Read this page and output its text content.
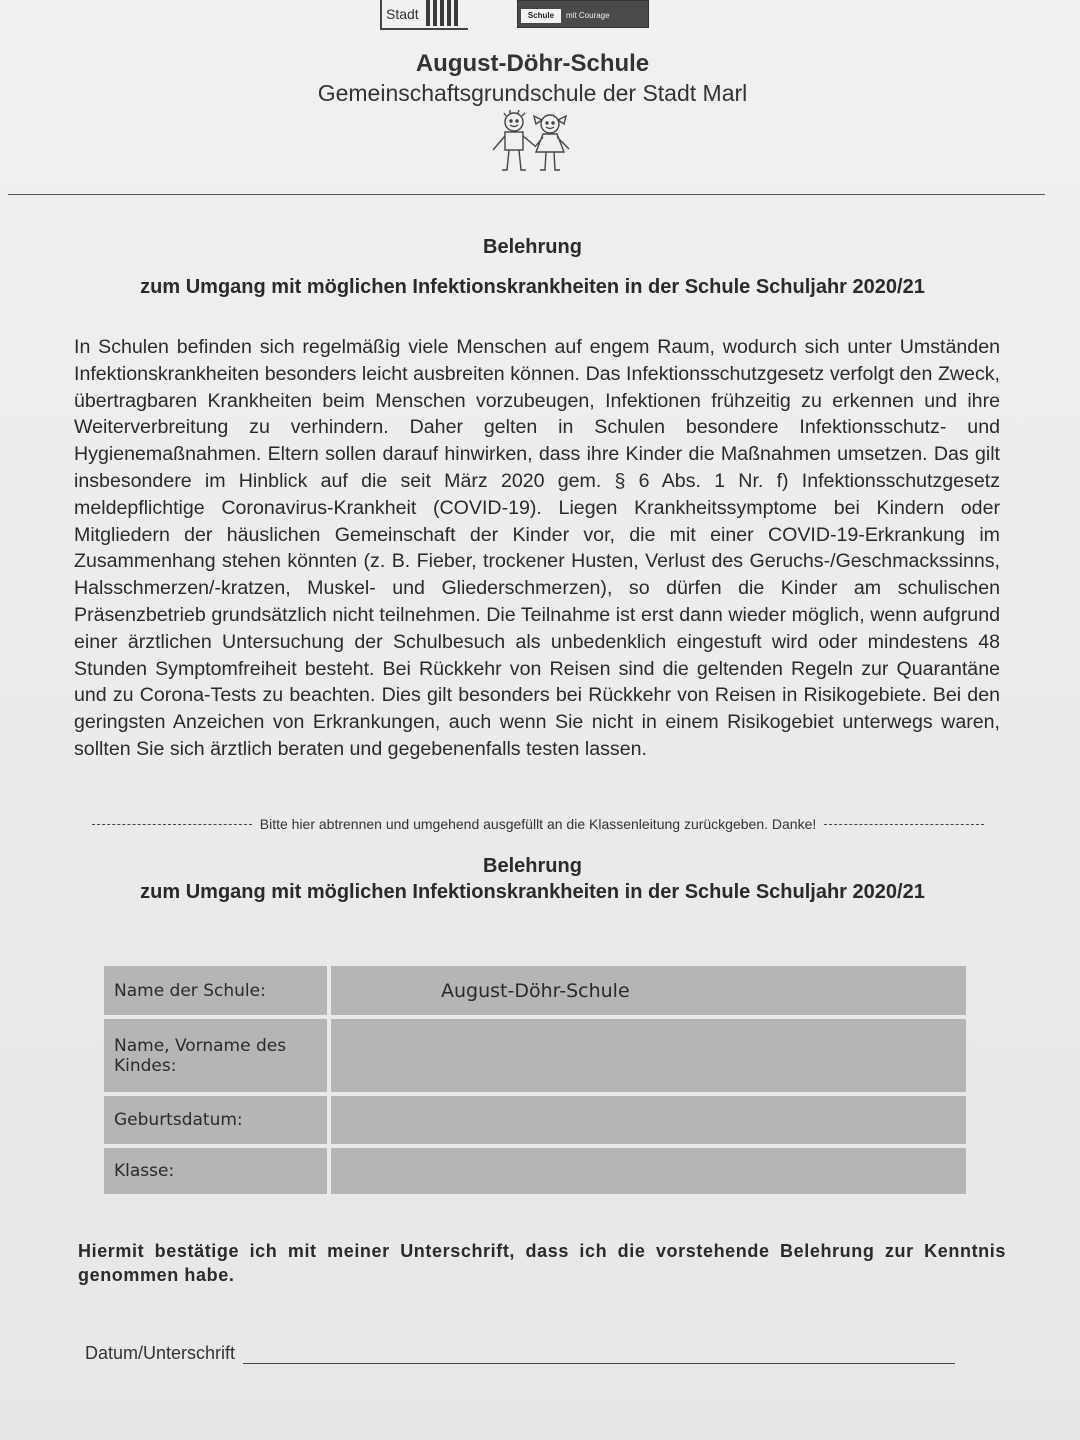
Stadt	Schule	mit Courage
August-Döhr-Schule
Gemeinschaftsgrundschule der Stadt Marl
Belehrung
zum Umgang mit möglichen Infektionskrankheiten in der Schule Schuljahr 2020/21
In Schulen befinden sich regelmäßig viele Menschen auf engem Raum, wodurch sich unter Umständen Infektionskrankheiten besonders leicht ausbreiten können. Das Infektionsschutzgesetz verfolgt den Zweck, übertragbaren Krankheiten beim Menschen vorzubeugen, Infektionen frühzeitig zu erkennen und ihre Weiterverbreitung zu verhindern. Daher gelten in Schulen besondere Infektionsschutz- und Hygienemaßnahmen. Eltern sollen darauf hinwirken, dass ihre Kinder die Maßnahmen umsetzen. Das gilt insbesondere im Hinblick auf die seit März 2020 gem. § 6 Abs. 1 Nr. f) Infektionsschutzgesetz meldepflichtige Coronavirus-Krankheit (COVID-19). Liegen Krankheitssymptome bei Kindern oder Mitgliedern der häuslichen Gemeinschaft der Kinder vor, die mit einer COVID-19-Erkrankung im Zusammenhang stehen könnten (z. B. Fieber, trockener Husten, Verlust des Geruchs-/Geschmackssinns, Halsschmerzen/-kratzen, Muskel- und Gliederschmerzen), so dürfen die Kinder am schulischen Präsenzbetrieb grundsätzlich nicht teilnehmen. Die Teilnahme ist erst dann wieder möglich, wenn aufgrund einer ärztlichen Untersuchung der Schulbesuch als unbedenklich eingestuft wird oder mindestens 48 Stunden Symptomfreiheit besteht. Bei Rückkehr von Reisen sind die geltenden Regeln zur Quarantäne und zu Corona-Tests zu beachten. Dies gilt besonders bei Rückkehr von Reisen in Risikogebiete. Bei den geringsten Anzeichen von Erkrankungen, auch wenn Sie nicht in einem Risikogebiet unterwegs waren, sollten Sie sich ärztlich beraten und gegebenenfalls testen lassen.
Bitte hier abtrennen und umgehend ausgefüllt an die Klassenleitung zurückgeben. Danke!
Belehrung
zum Umgang mit möglichen Infektionskrankheiten in der Schule Schuljahr 2020/21
Name der Schule:	August-Döhr-Schule
Name, Vorname des Kindes:	
Geburtsdatum:	
Klasse:	
Hiermit bestätige ich mit meiner Unterschrift, dass ich die vorstehende Belehrung zur Kenntnis genommen habe.
Datum/Unterschrift
